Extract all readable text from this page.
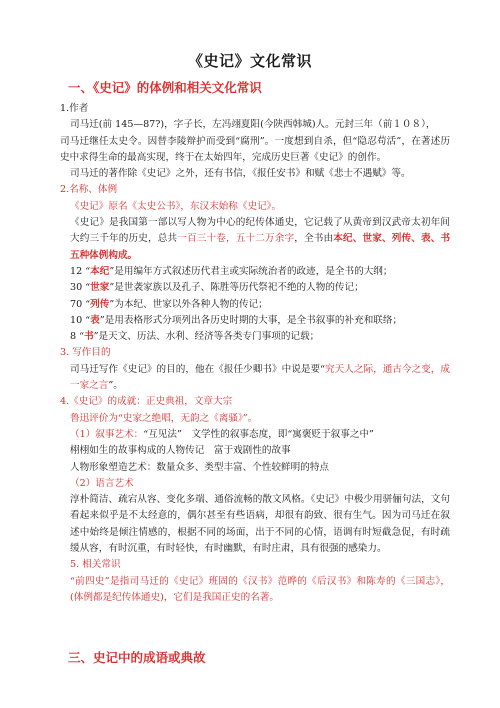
《史记》文化常识
一、《史记》的体例和相关文化常识

1.作者

司马迁(前 145—87?)，字子长，左冯翊夏阳(今陕西韩城)人。元封三年（前１０８），

司马迁继任太史令。因替李陵辩护而受到“腐刑”。一度想到自杀，但“隐忍苟活”，在著述历史中求得生命的最高实现，终于在太始四年，完成历史巨著《史记》的创作。

司马迁的著作除《史记》之外，还有书信，《报任安书》和赋《悲士不遇赋》等。

2.名称、体例

《史记》原名《太史公书》，东汉末始称《史记》。

《史记》是我国第一部以写人物为中心的纪传体通史，它记载了从黄帝到汉武帝太初年间大约三千年的历史，总共一百三十卷，五十二万余字，全书由本纪、世家、列传、表、书五种体例构成。

12 “本纪”是用编年方式叙述历代君主或实际统治者的政迹，是全书的大纲；

30 “世家”是世袭家族以及孔子、陈胜等历代祭祀不绝的人物的传记；

70 “列传”为本纪、世家以外各种人物的传记；

10 “表”是用表格形式分项列出各历史时期的大事，是全书叙事的补充和联络；

8 “书”是天文、历法、水利、经济等各类专门事项的记载；

3. 写作目的

司马迁写作《史记》的目的，他在《报任少卿书》中说是要“究天人之际，通古今之变，成一家之言”。

4.《史记》的成就：正史典祖，文章大宗

鲁迅评价为“史家之绝唱，无韵之《离骚》”。

（1）叙事艺术：“互见法”　文学性的叙事态度，即“寓褒贬于叙事之中”

栩栩如生的故事构成的人物传记　富于戏剧性的故事

人物形象塑造艺术：数量众多、类型丰富、个性较鲜明的特点

（2）语言艺术

淳朴简洁、疏宕从容、变化多端、通俗流畅的散文风格。《史记》中极少用骈俪句法，文句看起来似乎是不太经意的，偶尔甚至有些语病，却很有韵致、很有生气。因为司马迁在叙述中始终是倾注情感的，根据不同的场面，出于不同的心情，语调有时短截急促，有时疏缓从容，有时沉重，有时轻快，有时幽默，有时庄肃，具有很强的感染力。

5. 相关常识

“前四史”是指司马迁的《史记》班固的《汉书》范晔的《后汉书》和陈寿的《三国志》，(体例都是纪传体通史)，它们是我国正史的名著。

三、史记中的成语或典故
